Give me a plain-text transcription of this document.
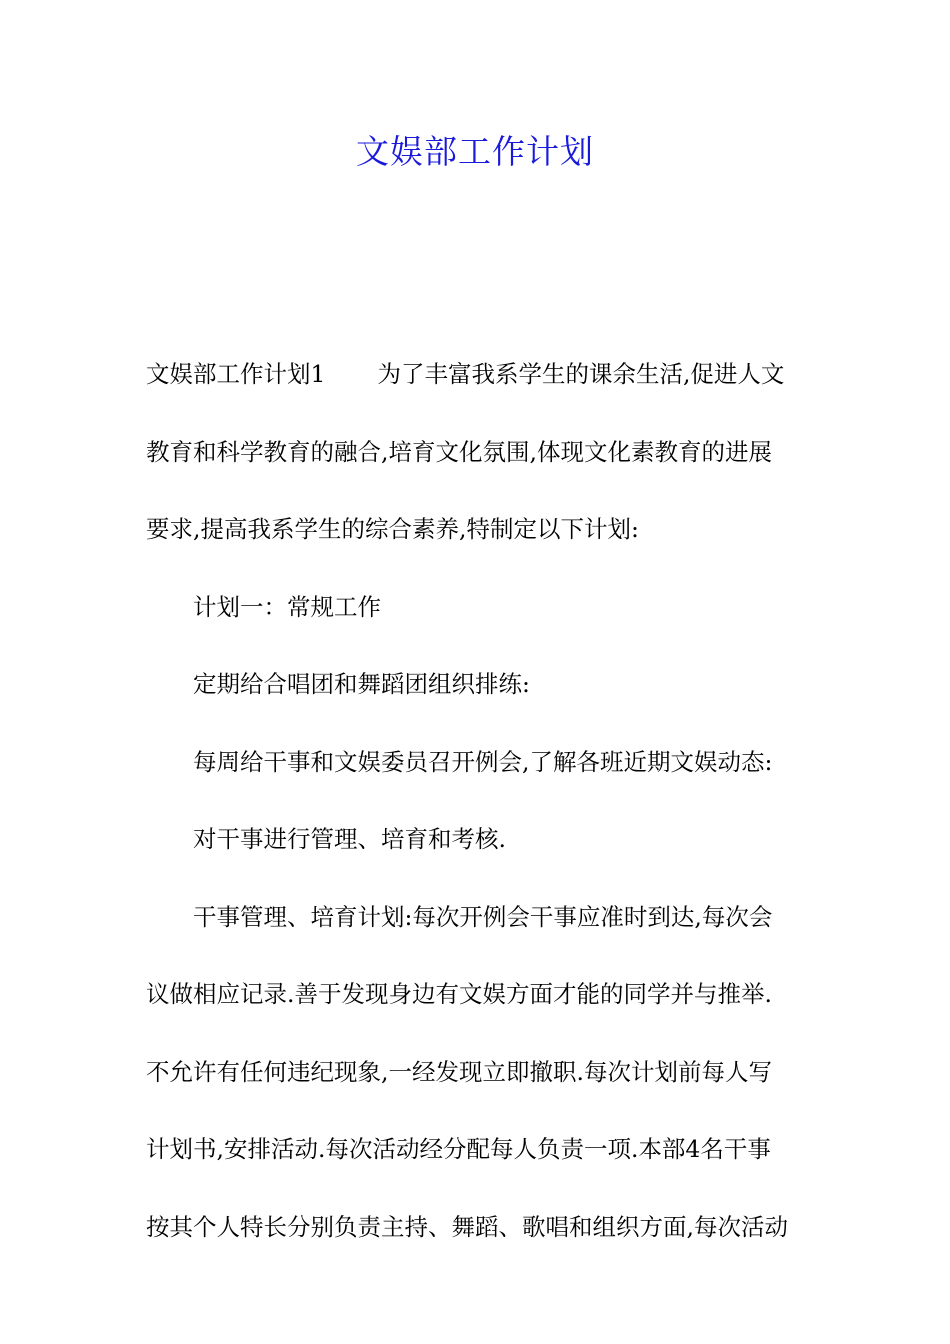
文娱部工作计划

文娱部工作计划1 为了丰富我系学生的课余生活,促进人文

教育和科学教育的融合,培育文化氛围,体现文化素教育的进展

要求,提高我系学生的综合素养,特制定以下计划:

计划一：常规工作

定期给合唱团和舞蹈团组织排练:

每周给干事和文娱委员召开例会,了解各班近期文娱动态:

对干事进行管理、培育和考核.

干事管理、培育计划:每次开例会干事应准时到达,每次会

议做相应记录.善于发现身边有文娱方面才能的同学并与推举.

不允许有任何违纪现象,一经发现立即撤职.每次计划前每人写

计划书,安排活动.每次活动经分配每人负责一项.本部4名干事

按其个人特长分别负责主持、舞蹈、歌唱和组织方面,每次活动
